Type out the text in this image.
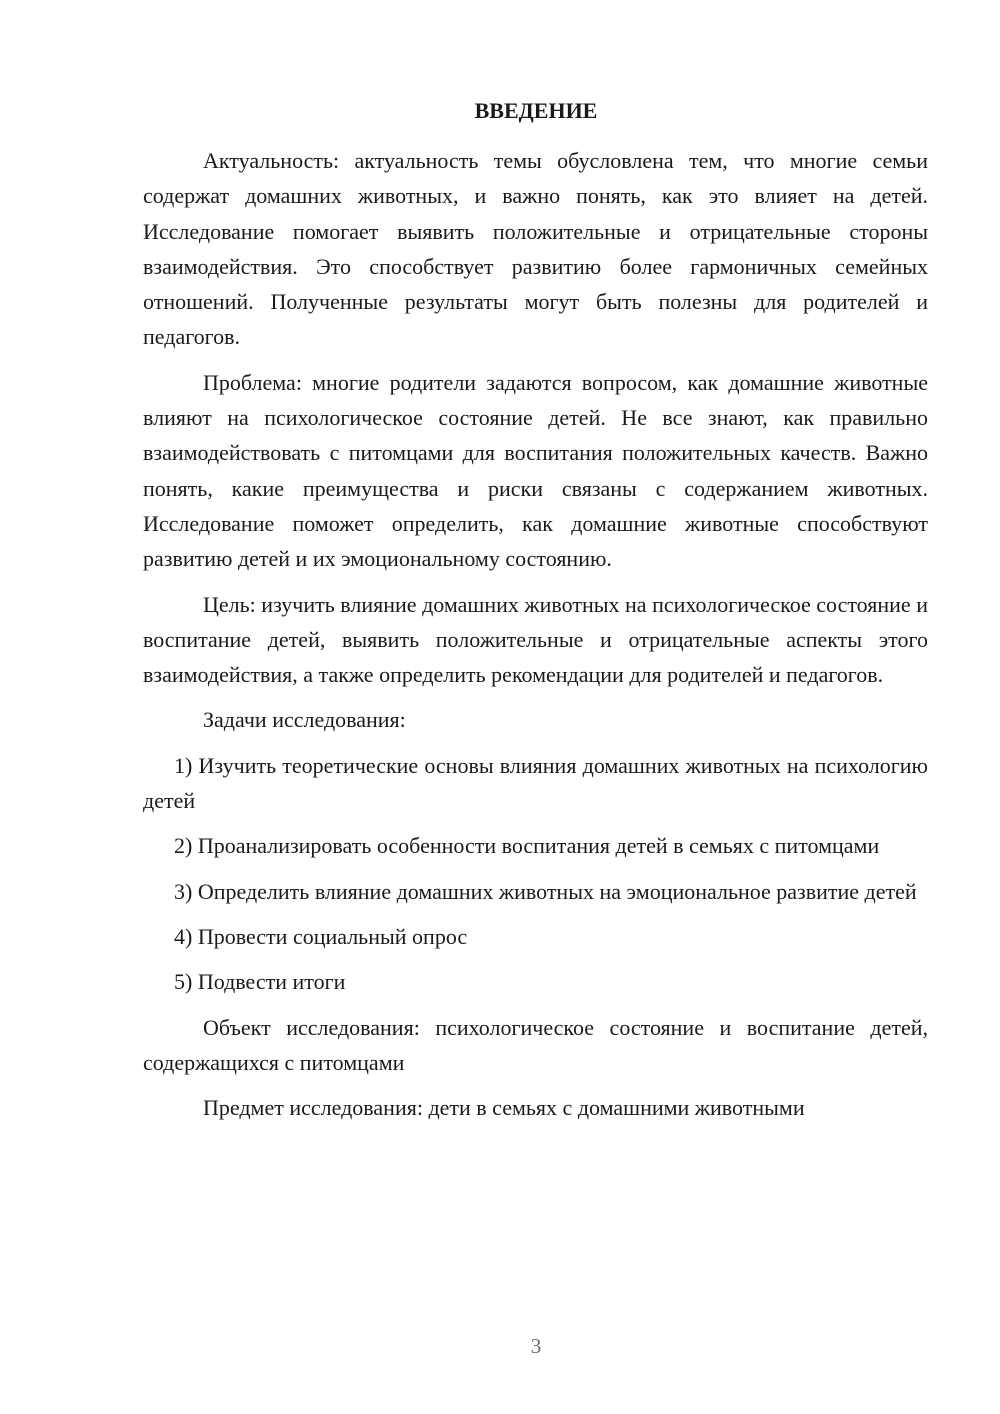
ВВЕДЕНИЕ

Актуальность: актуальность темы обусловлена тем, что многие семьи содержат домашних животных, и важно понять, как это влияет на детей. Исследование помогает выявить положительные и отрицательные стороны взаимодействия. Это способствует развитию более гармоничных семейных отношений. Полученные результаты могут быть полезны для родителей и педагогов.

Проблема: многие родители задаются вопросом, как домашние животные влияют на психологическое состояние детей. Не все знают, как правильно взаимодействовать с питомцами для воспитания положительных качеств. Важно понять, какие преимущества и риски связаны с содержанием животных. Исследование поможет определить, как домашние животные способствуют развитию детей и их эмоциональному состоянию.

Цель: изучить влияние домашних животных на психологическое состояние и воспитание детей, выявить положительные и отрицательные аспекты этого взаимодействия, а также определить рекомендации для родителей и педагогов.

Задачи исследования:

1) Изучить теоретические основы влияния домашних животных на психологию детей

2) Проанализировать особенности воспитания детей в семьях с питомцами

3) Определить влияние домашних животных на эмоциональное развитие детей

4) Провести социальный опрос

5) Подвести итоги

Объект исследования: психологическое состояние и воспитание детей, содержащихся с питомцами

Предмет исследования: дети в семьях с домашними животными

3
